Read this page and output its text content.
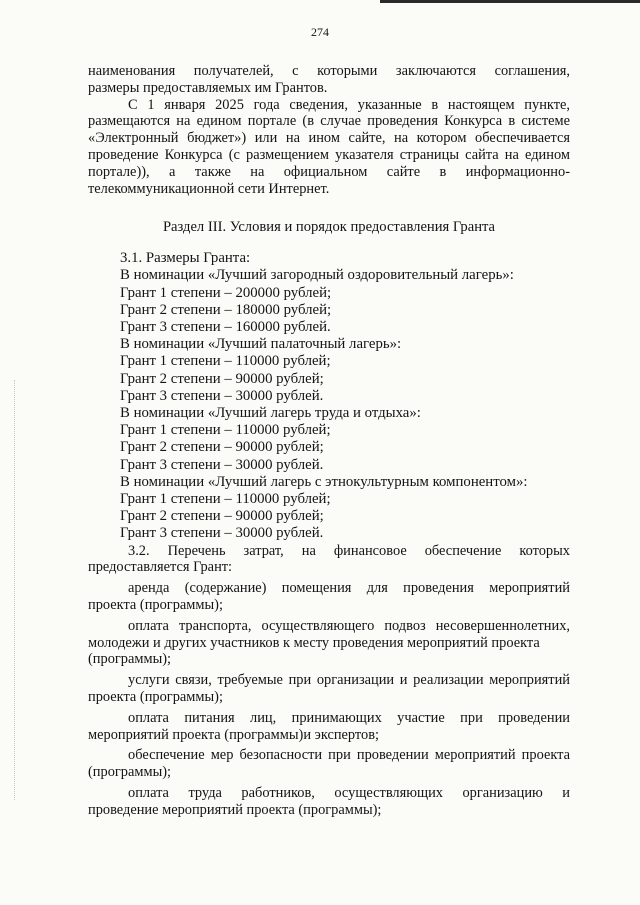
274

наименования получателей, с которыми заключаются соглашения,

размеры предоставляемых им Грантов.

С 1 января 2025 года сведения, указанные в настоящем пункте,

размещаются на едином портале (в случае проведения Конкурса в системе

«Электронный бюджет») или на ином сайте, на котором обеспечивается

проведение Конкурса (с размещением указателя страницы сайта на едином

портале)), а также на официальном сайте в информационно-

телекоммуникационной сети Интернет.

Раздел III. Условия и порядок предоставления Гранта

3.1. Размеры Гранта:

В номинации «Лучший загородный оздоровительный лагерь»:

Грант 1 степени – 200000 рублей;

Грант 2 степени – 180000 рублей;

Грант 3 степени – 160000 рублей.

В номинации «Лучший палаточный лагерь»:

Грант 1 степени – 110000 рублей;

Грант 2 степени – 90000 рублей;

Грант 3 степени – 30000 рублей.

В номинации «Лучший лагерь труда и отдыха»:

Грант 1 степени – 110000 рублей;

Грант 2 степени – 90000 рублей;

Грант 3 степени – 30000 рублей.

В номинации «Лучший лагерь с этнокультурным компонентом»:

Грант 1 степени – 110000 рублей;

Грант 2 степени – 90000 рублей;

Грант 3 степени – 30000 рублей.

3.2. Перечень затрат, на финансовое обеспечение которых

предоставляется Грант:

аренда (содержание) помещения для проведения мероприятий

проекта (программы);

оплата транспорта, осуществляющего подвоз несовершеннолетних,

молодежи и других участников к месту проведения мероприятий проекта (программы);

услуги связи, требуемые при организации и реализации мероприятий

проекта (программы);

оплата питания лиц, принимающих участие при проведении

мероприятий проекта (программы)и экспертов;

обеспечение мер безопасности при проведении мероприятий проекта

(программы);

оплата труда работников, осуществляющих организацию и

проведение мероприятий проекта (программы);
